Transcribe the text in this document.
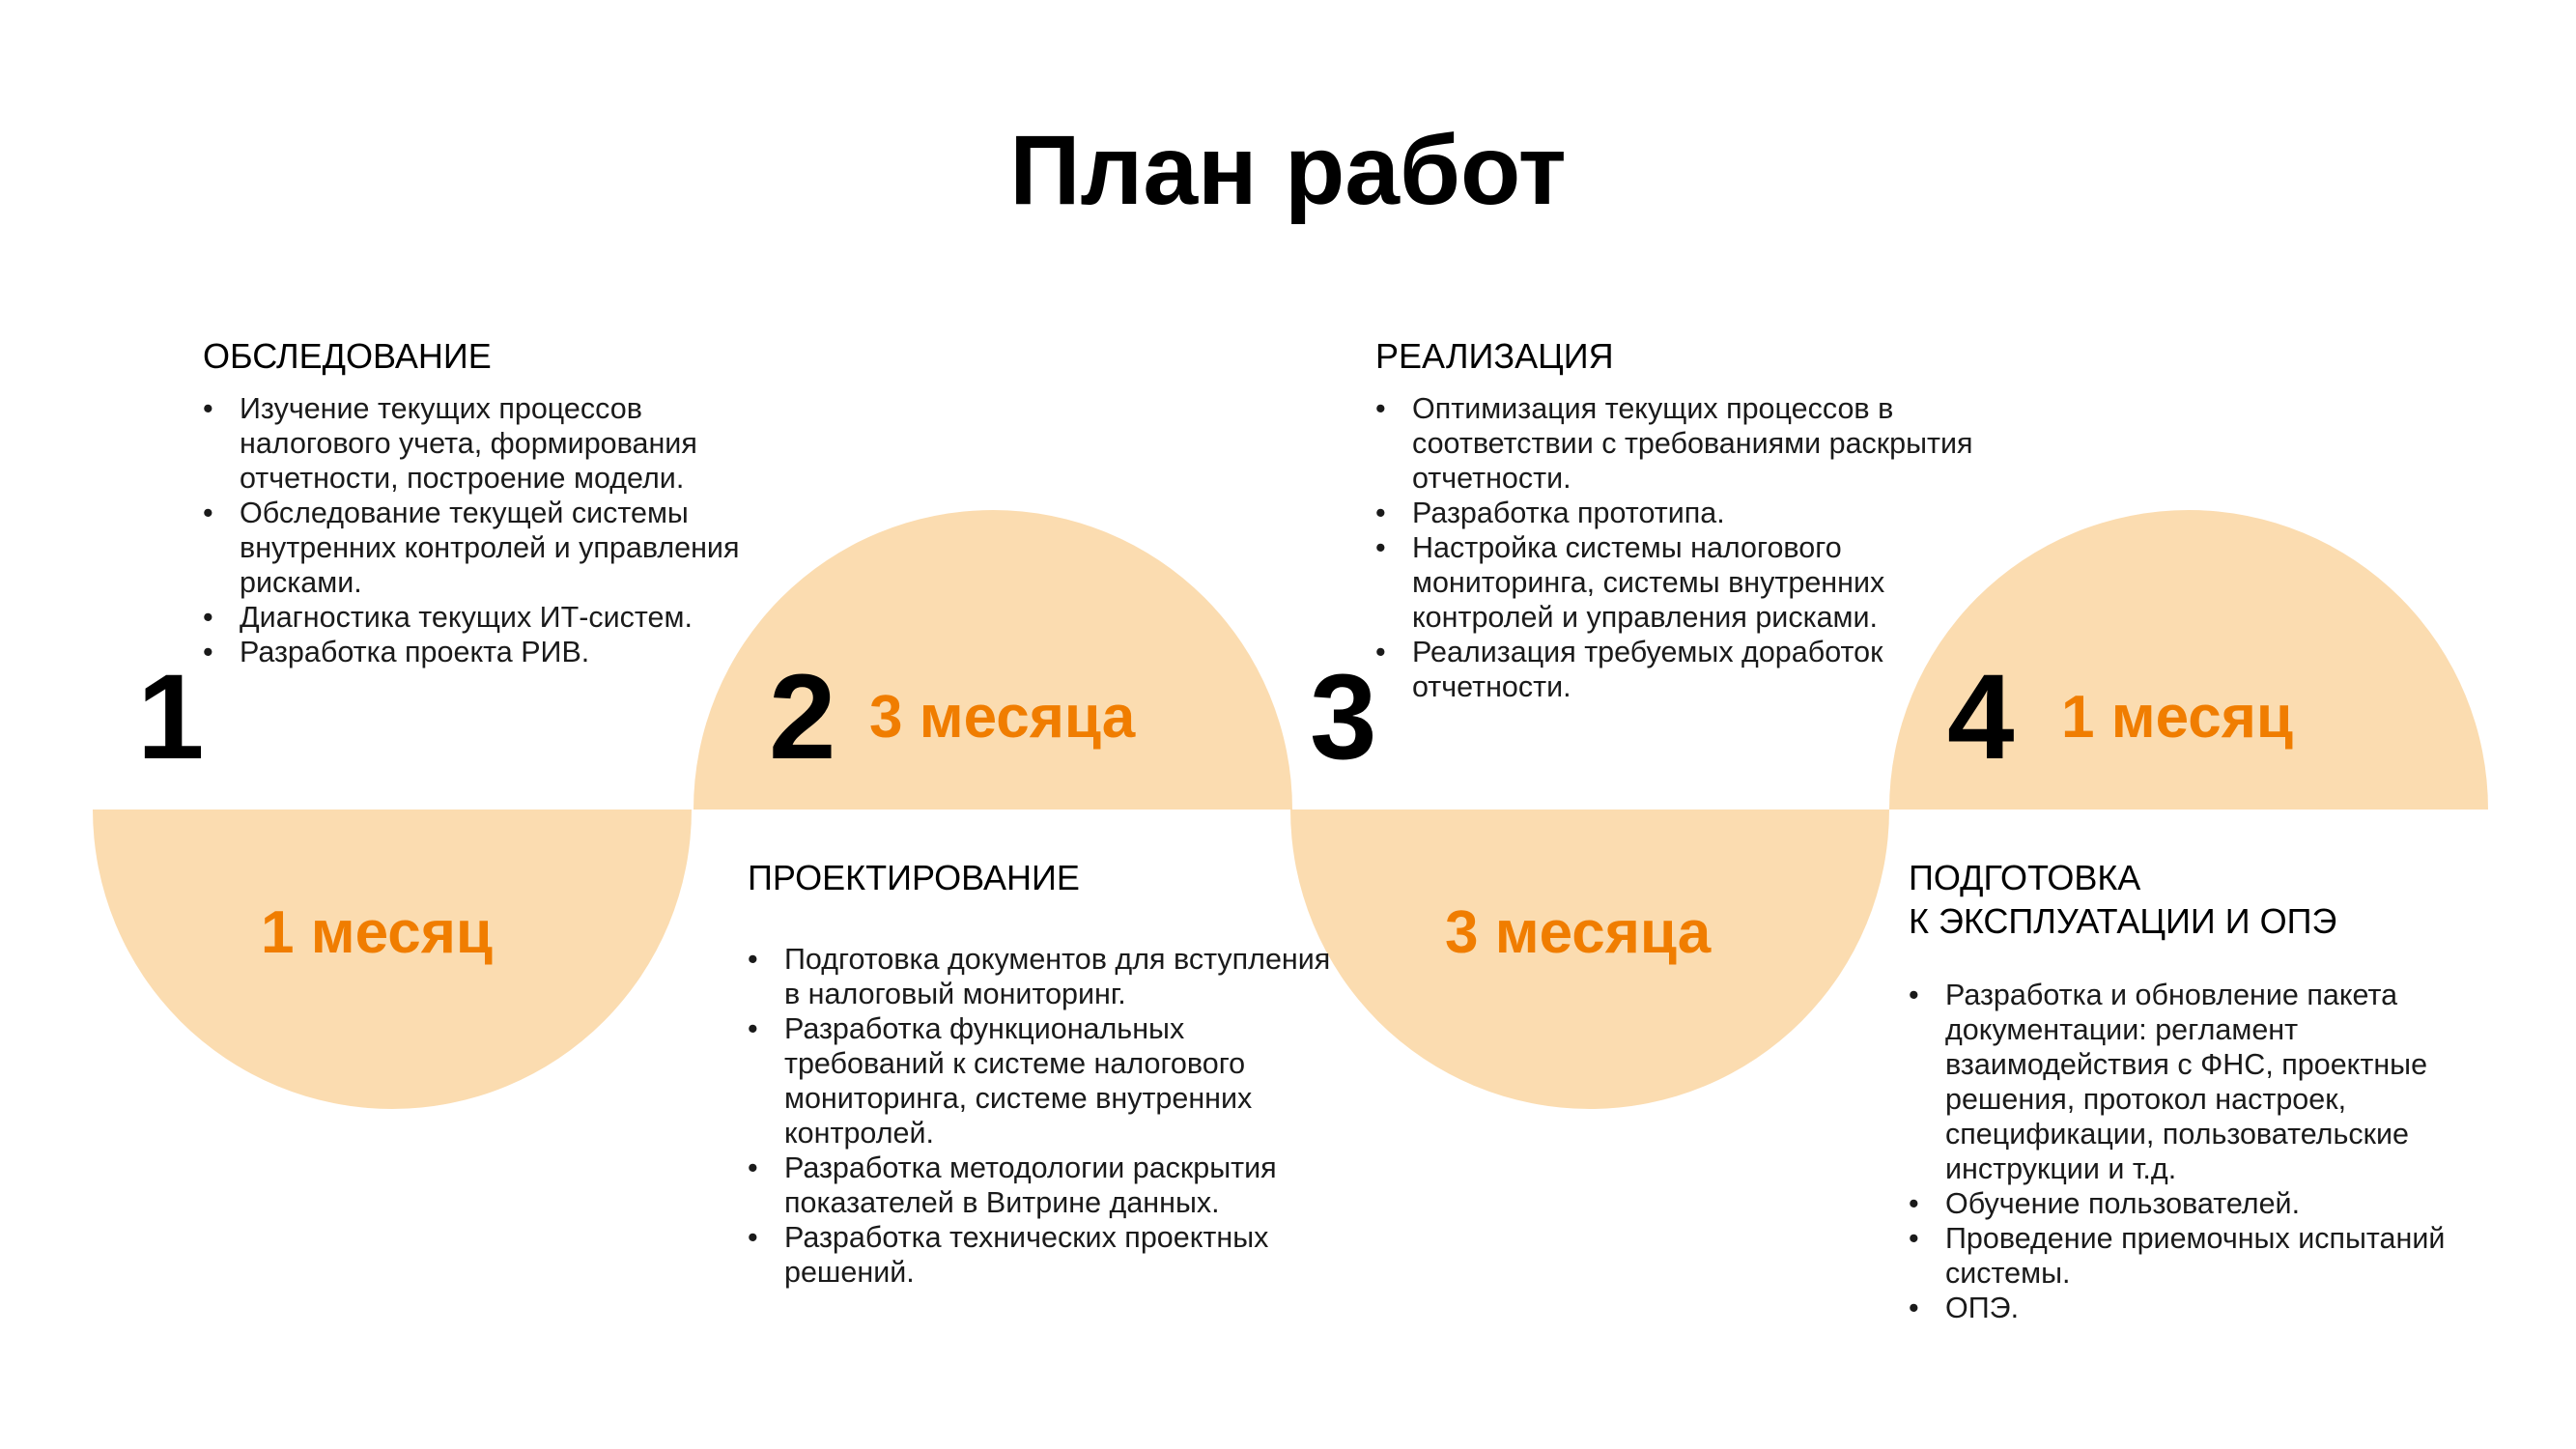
План работ
1	2	3	4
1 месяц
3 месяца
3 месяца
1 месяц
ОБСЛЕДОВАНИЕ
• Изучение текущих процессов налогового учета, формирования отчетности, построение модели.
• Обследование текущей системы внутренних контролей и управления рисками.
• Диагностика текущих ИТ-систем.
• Разработка проекта РИВ.
ПРОЕКТИРОВАНИЕ
• Подготовка документов для вступления в налоговый мониторинг.
• Разработка функциональных требований к системе налогового мониторинга, системе внутренних контролей.
• Разработка методологии раскрытия показателей в Витрине данных.
• Разработка технических проектных решений.
РЕАЛИЗАЦИЯ
• Оптимизация текущих процессов в соответствии с требованиями раскрытия отчетности.
• Разработка прототипа.
• Настройка системы налогового мониторинга, системы внутренних контролей и управления рисками.
• Реализация требуемых доработок отчетности.
ПОДГОТОВКА
К ЭКСПЛУАТАЦИИ И ОПЭ
• Разработка и обновление пакета документации: регламент взаимодействия с ФНС, проектные решения, протокол настроек, спецификации, пользовательские инструкции и т.д.
• Обучение пользователей.
• Проведение приемочных испытаний системы.
• ОПЭ.
